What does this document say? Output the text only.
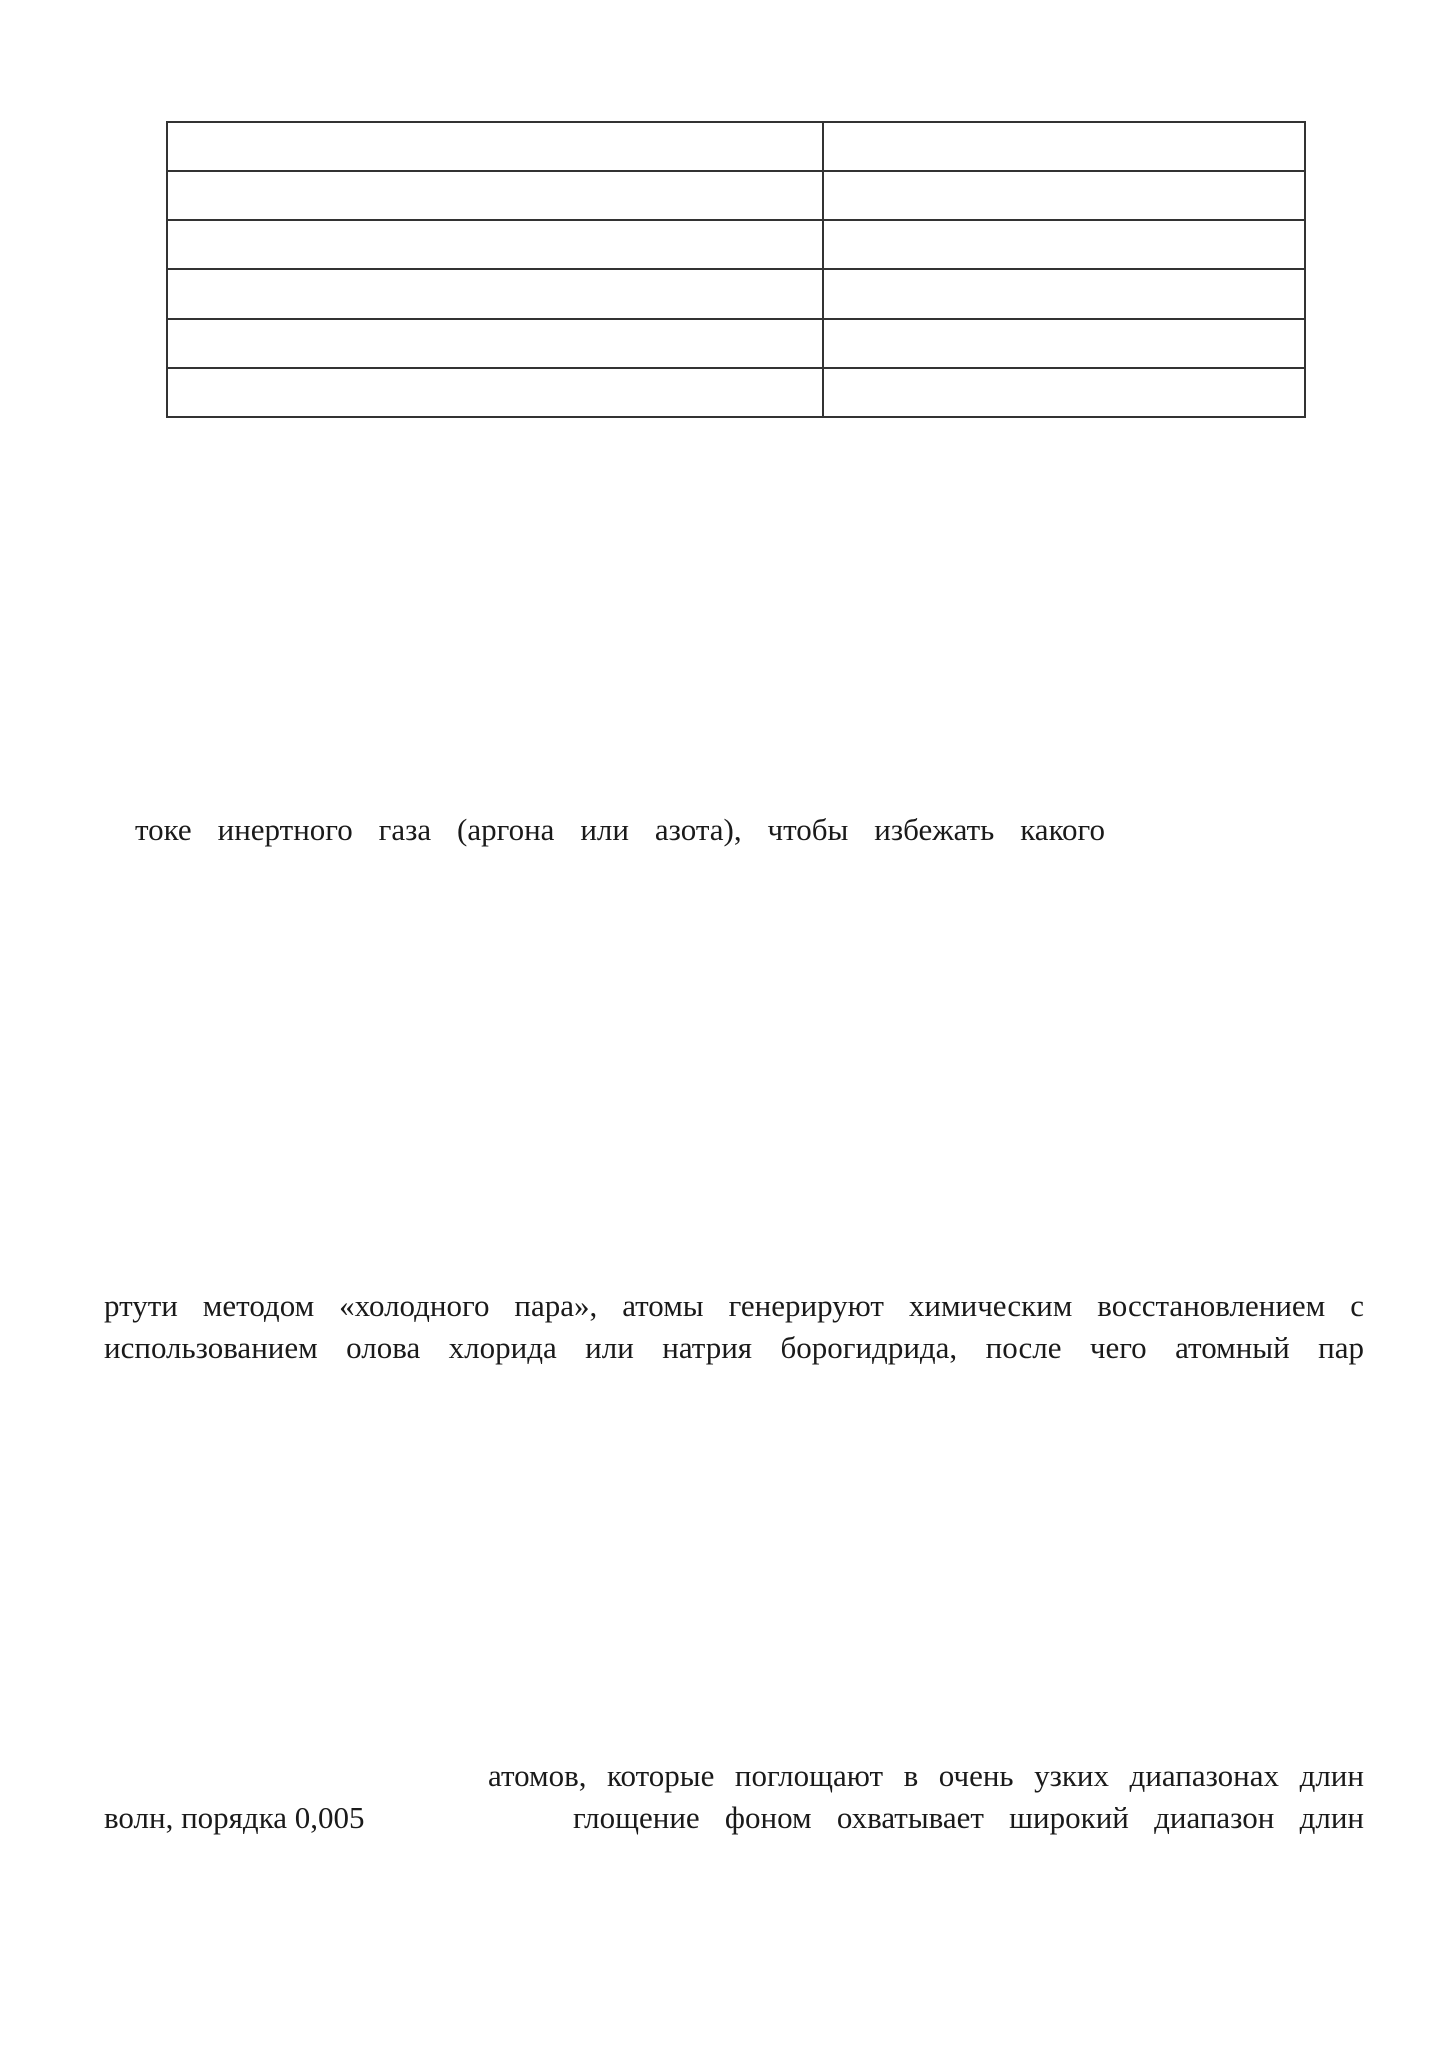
токе инертного газа (аргона или азота), чтобы избежать какого

ртути методом «холодного пара», атомы генерируют химическим восстановлением с

использованием олова хлорида или натрия борогидрида, после чего атомный пар

атомов, которые поглощают в очень узких диапазонах длин

волн, порядка 0,005	глощение фоном охватывает широкий диапазон длин
